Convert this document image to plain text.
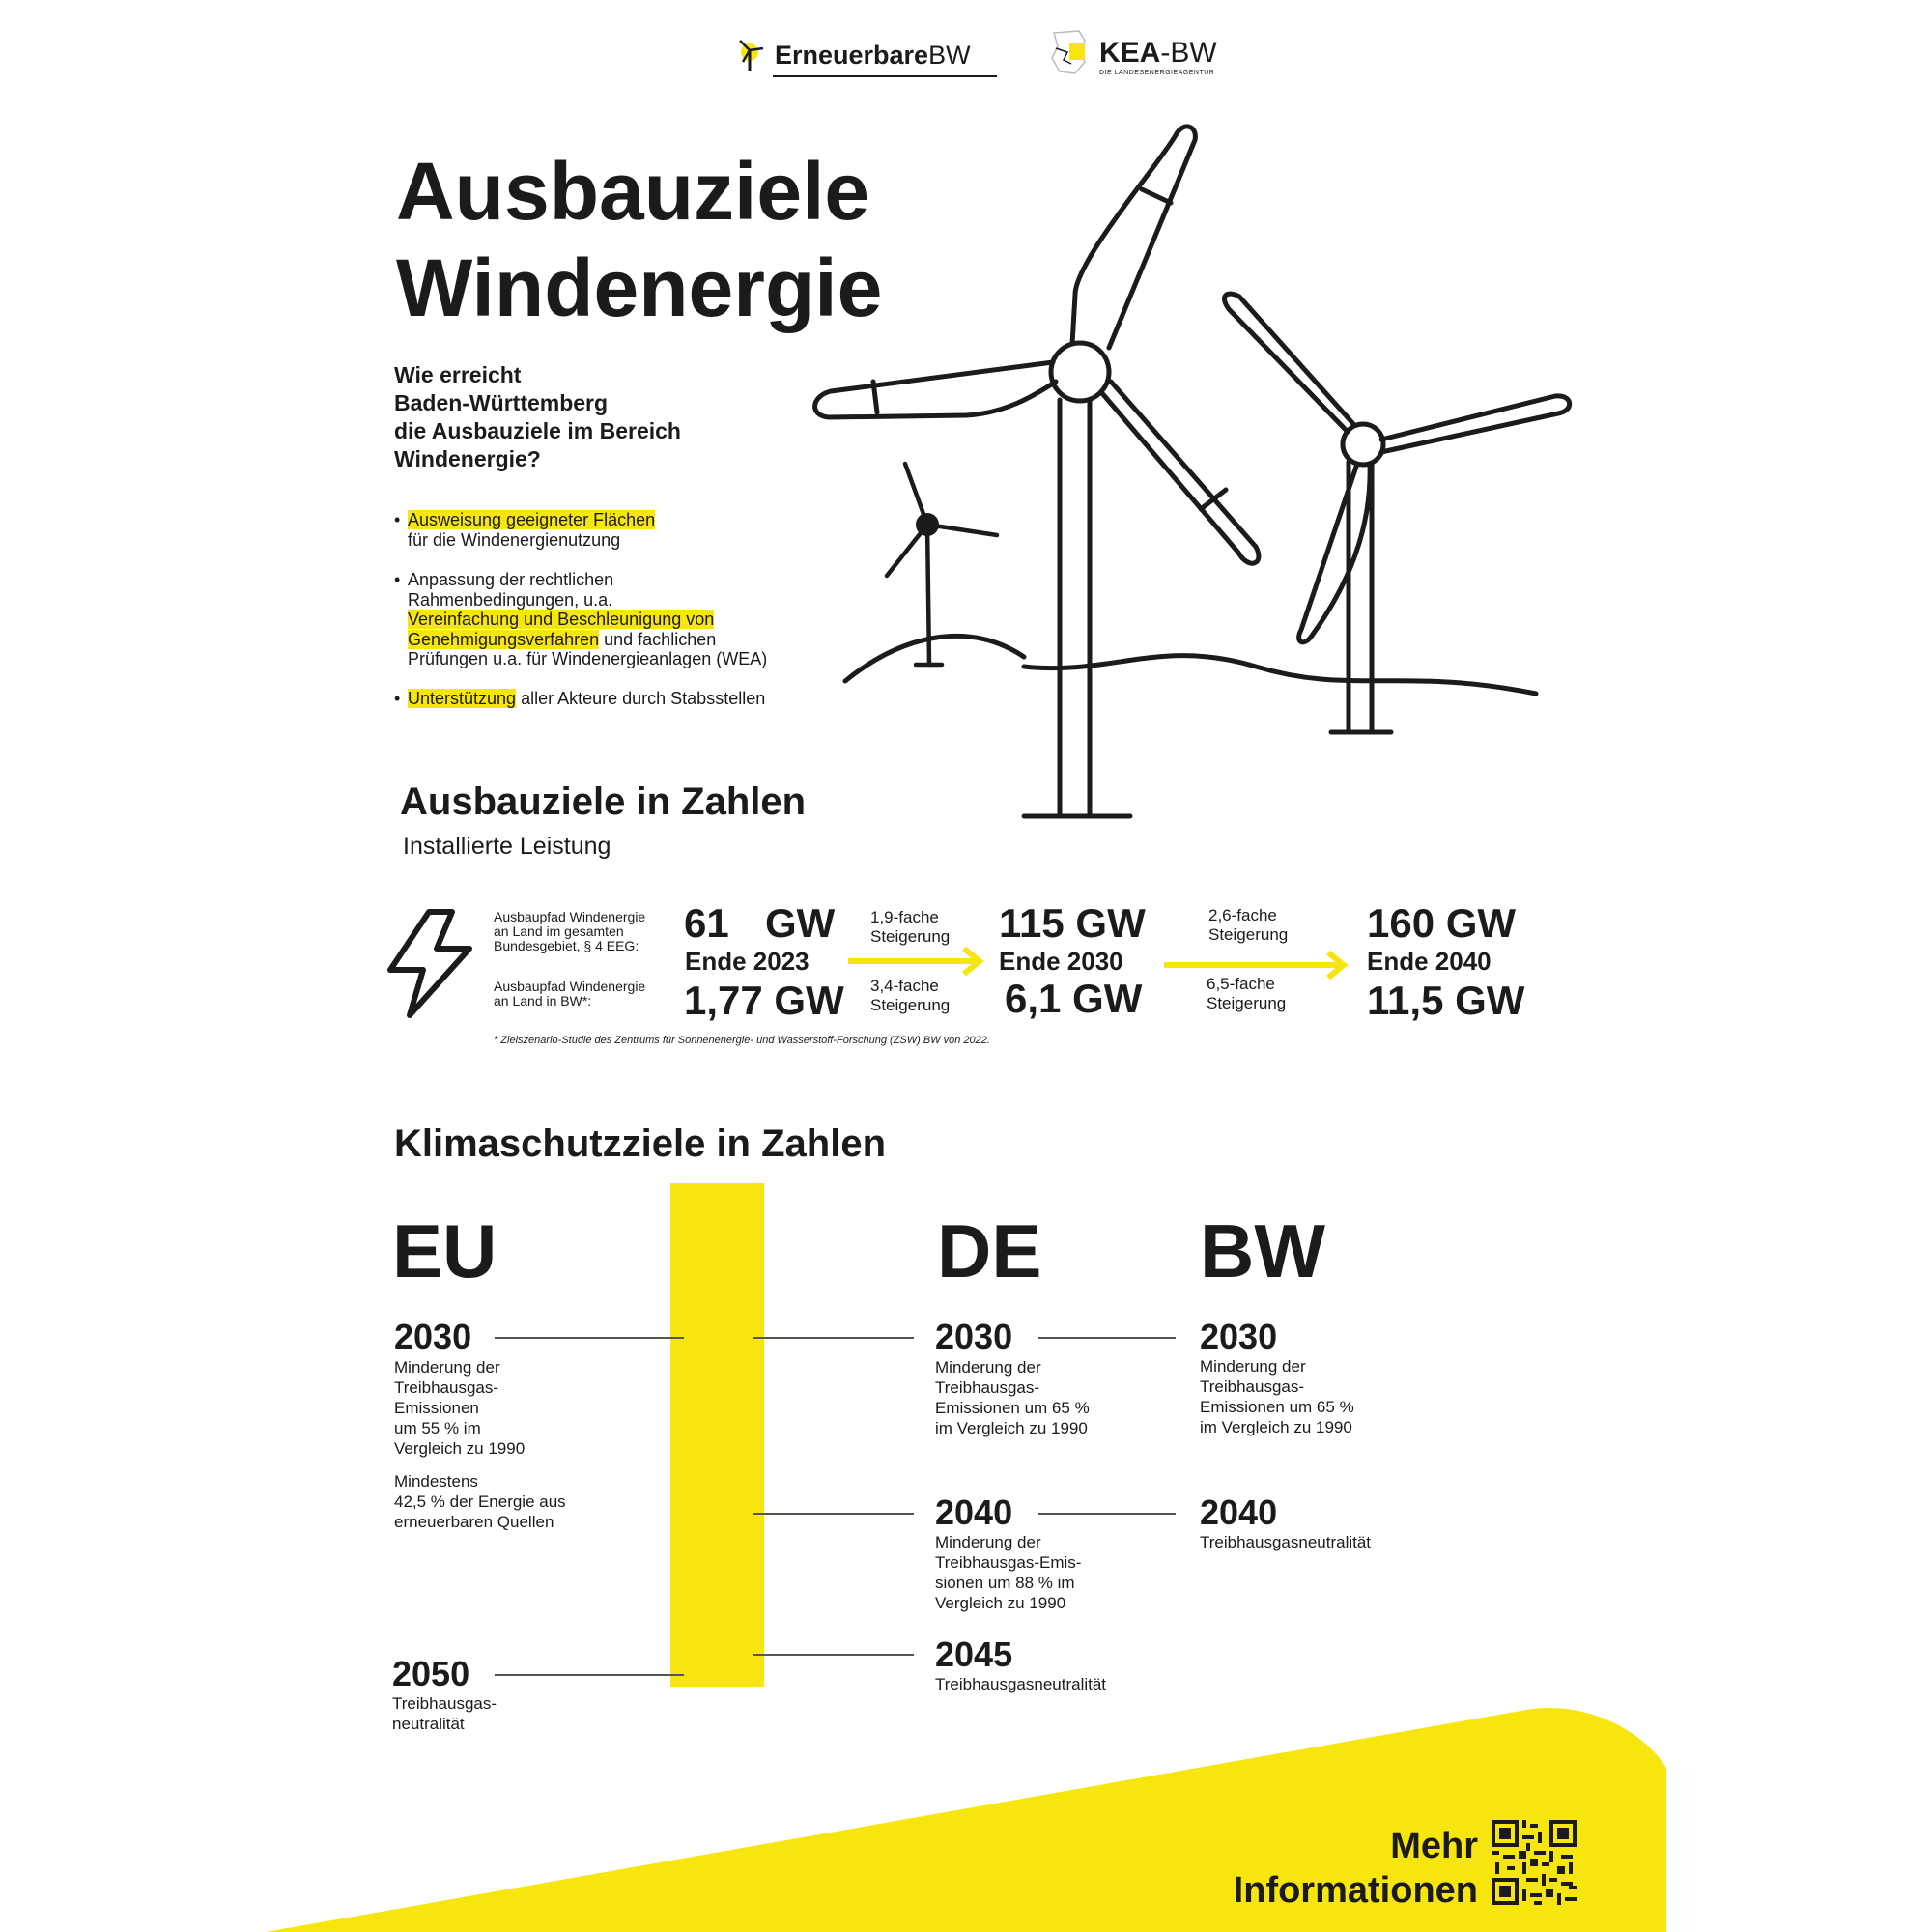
ErneuerbareBW	KEA-BW
DIE LANDESENERGIEAGENTUR
Ausbauziele
Windenergie
Wie erreicht
Baden-Württemberg
die Ausbauziele im Bereich
Windenergie?
• Ausweisung geeigneter Flächen
für die Windenergienutzung
• Anpassung der rechtlichen Rahmenbedingungen, u.a.
Vereinfachung und Beschleunigung von
Genehmigungsverfahren und fachlichen Prüfungen u.a. für Windenergieanlagen (WEA)
• Unterstützung aller Akteure durch Stabsstellen
Ausbauziele in Zahlen
Installierte Leistung
Ausbaupfad Windenergie
an Land im gesamten
Bundesgebiet, § 4 EEG:
Ausbaupfad Windenergie
an Land in BW*:
61 GW
Ende 2023
1,77 GW
1,9-fache
Steigerung
3,4-fache
Steigerung
115 GW
Ende 2030
6,1 GW
2,6-fache
Steigerung
6,5-fache
Steigerung
160 GW
Ende 2040
11,5 GW
* Zielszenario-Studie des Zentrums für Sonnenenergie- und Wasserstoff-Forschung (ZSW) BW von 2022.
Klimaschutzziele in Zahlen
EU	DE BW
2030
Minderung der
Treibhausgas-
Emissionen
um 55 % im
Vergleich zu 1990
Mindestens
42,5 % der Energie aus
erneuerbaren Quellen
2050
Treibhausgas-
neutralität
2030
Minderung der
Treibhausgas-
Emissionen um 65 %
im Vergleich zu 1990
2040
Minderung der
Treibhausgas-Emis-
sionen um 88 % im
Vergleich zu 1990
2045
Treibhausgasneutralität
2030
Minderung der
Treibhausgas-
Emissionen um 65 %
im Vergleich zu 1990
2040
Treibhausgasneutralität
Mehr
Informationen
